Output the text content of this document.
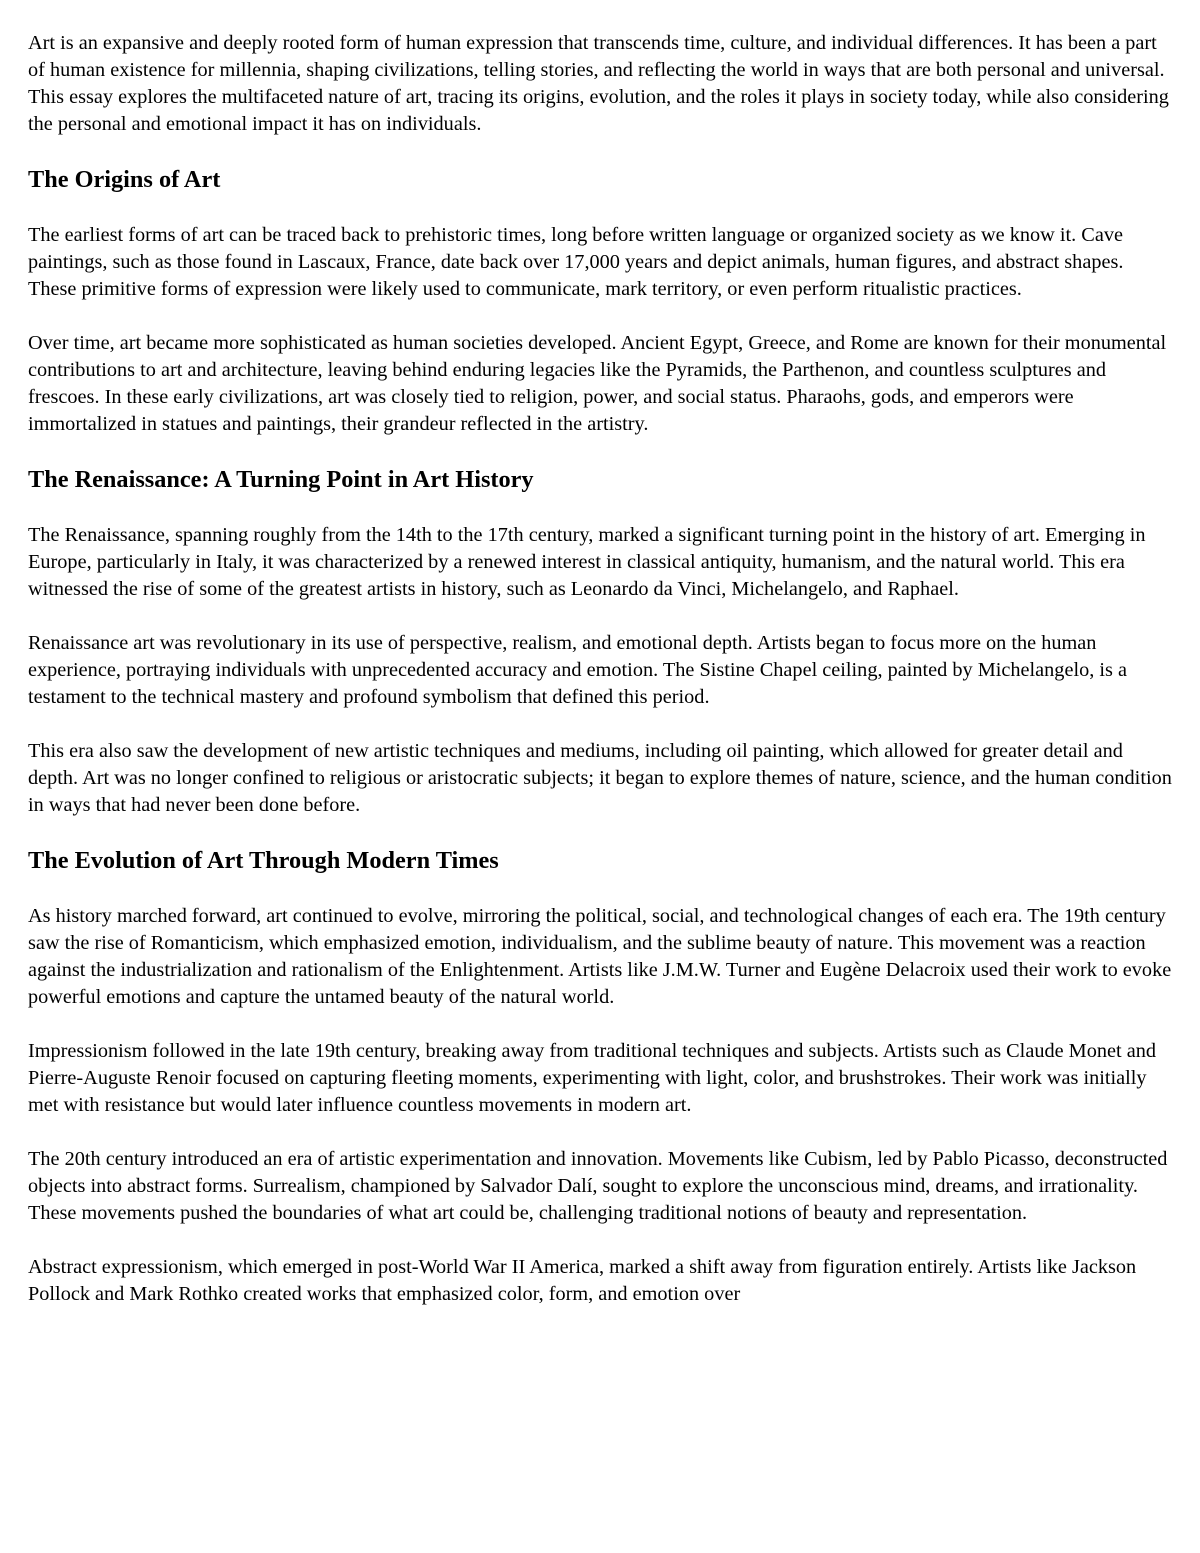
Art is an expansive and deeply rooted form of human expression that transcends time, culture, and individual differences. It has been a part of human existence for millennia, shaping civilizations, telling stories, and reflecting the world in ways that are both personal and universal. This essay explores the multifaceted nature of art, tracing its origins, evolution, and the roles it plays in society today, while also considering the personal and emotional impact it has on individuals.

The Origins of Art

The earliest forms of art can be traced back to prehistoric times, long before written language or organized society as we know it. Cave paintings, such as those found in Lascaux, France, date back over 17,000 years and depict animals, human figures, and abstract shapes. These primitive forms of expression were likely used to communicate, mark territory, or even perform ritualistic practices.

Over time, art became more sophisticated as human societies developed. Ancient Egypt, Greece, and Rome are known for their monumental contributions to art and architecture, leaving behind enduring legacies like the Pyramids, the Parthenon, and countless sculptures and frescoes. In these early civilizations, art was closely tied to religion, power, and social status. Pharaohs, gods, and emperors were immortalized in statues and paintings, their grandeur reflected in the artistry.

The Renaissance: A Turning Point in Art History

The Renaissance, spanning roughly from the 14th to the 17th century, marked a significant turning point in the history of art. Emerging in Europe, particularly in Italy, it was characterized by a renewed interest in classical antiquity, humanism, and the natural world. This era witnessed the rise of some of the greatest artists in history, such as Leonardo da Vinci, Michelangelo, and Raphael.

Renaissance art was revolutionary in its use of perspective, realism, and emotional depth. Artists began to focus more on the human experience, portraying individuals with unprecedented accuracy and emotion. The Sistine Chapel ceiling, painted by Michelangelo, is a testament to the technical mastery and profound symbolism that defined this period.

This era also saw the development of new artistic techniques and mediums, including oil painting, which allowed for greater detail and depth. Art was no longer confined to religious or aristocratic subjects; it began to explore themes of nature, science, and the human condition in ways that had never been done before.

The Evolution of Art Through Modern Times

As history marched forward, art continued to evolve, mirroring the political, social, and technological changes of each era. The 19th century saw the rise of Romanticism, which emphasized emotion, individualism, and the sublime beauty of nature. This movement was a reaction against the industrialization and rationalism of the Enlightenment. Artists like J.M.W. Turner and Eugène Delacroix used their work to evoke powerful emotions and capture the untamed beauty of the natural world.

Impressionism followed in the late 19th century, breaking away from traditional techniques and subjects. Artists such as Claude Monet and Pierre-Auguste Renoir focused on capturing fleeting moments, experimenting with light, color, and brushstrokes. Their work was initially met with resistance but would later influence countless movements in modern art.

The 20th century introduced an era of artistic experimentation and innovation. Movements like Cubism, led by Pablo Picasso, deconstructed objects into abstract forms. Surrealism, championed by Salvador Dalí, sought to explore the unconscious mind, dreams, and irrationality. These movements pushed the boundaries of what art could be, challenging traditional notions of beauty and representation.

Abstract expressionism, which emerged in post-World War II America, marked a shift away from figuration entirely. Artists like Jackson Pollock and Mark Rothko created works that emphasized color, form, and emotion over
